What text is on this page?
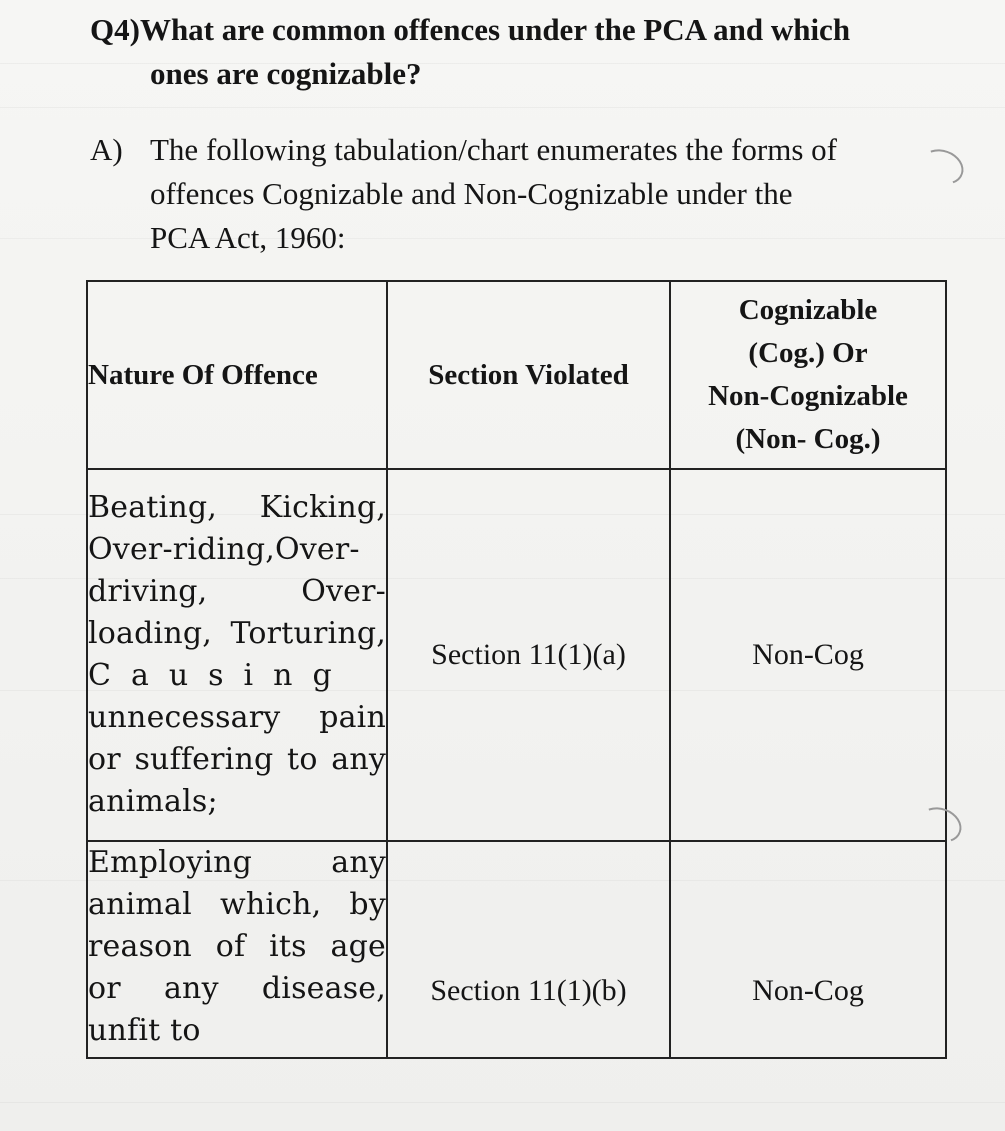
Q4)What are common offences under the PCA and which
ones are cognizable?
A) The following tabulation/chart enumerates the forms of
offences Cognizable and Non-Cognizable under the
PCA Act, 1960:
Nature Of Offence	Section Violated	Cognizable
(Cog.) Or
Non-Cognizable
(Non- Cog.)

Beating, Kicking, Over-riding,Over-driving, Over-loading, Torturing, Causing unnecessary pain or suffering to any animals;	Section 11(1)(a)	Non-Cog
Employing any animal which, by reason of its age or any disease, unfit to	Section 11(1)(b)	Non-Cog
